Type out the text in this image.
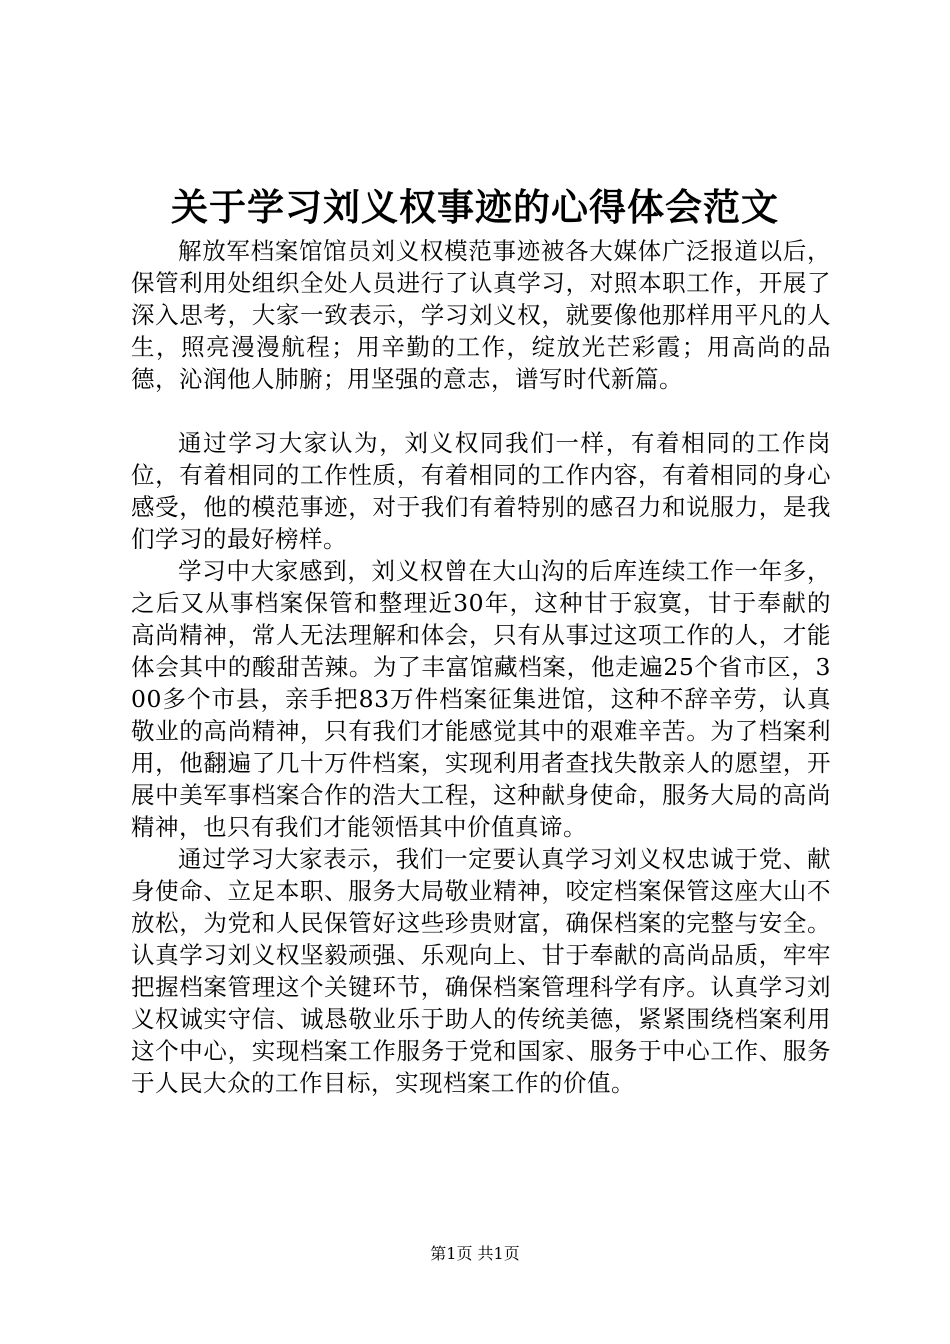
关于学习刘义权事迹的心得体会范文

解放军档案馆馆员刘义权模范事迹被各大媒体广泛报道以后，保管利用处组织全处人员进行了认真学习，对照本职工作，开展了深入思考，大家一致表示，学习刘义权，就要像他那样用平凡的人生，照亮漫漫航程；用辛勤的工作，绽放光芒彩霞；用高尚的品德，沁润他人肺腑；用坚强的意志，谱写时代新篇。

通过学习大家认为，刘义权同我们一样，有着相同的工作岗位，有着相同的工作性质，有着相同的工作内容，有着相同的身心感受，他的模范事迹，对于我们有着特别的感召力和说服力，是我们学习的最好榜样。

学习中大家感到，刘义权曾在大山沟的后库连续工作一年多，之后又从事档案保管和整理近30年，这种甘于寂寞，甘于奉献的高尚精神，常人无法理解和体会，只有从事过这项工作的人，才能体会其中的酸甜苦辣。为了丰富馆藏档案，他走遍25个省市区，300多个市县，亲手把83万件档案征集进馆，这种不辞辛劳，认真敬业的高尚精神，只有我们才能感觉其中的艰难辛苦。为了档案利用，他翻遍了几十万件档案，实现利用者查找失散亲人的愿望，开展中美军事档案合作的浩大工程，这种献身使命，服务大局的高尚精神，也只有我们才能领悟其中价值真谛。

通过学习大家表示，我们一定要认真学习刘义权忠诚于党、献身使命、立足本职、服务大局敬业精神，咬定档案保管这座大山不放松，为党和人民保管好这些珍贵财富，确保档案的完整与安全。认真学习刘义权坚毅顽强、乐观向上、甘于奉献的高尚品质，牢牢把握档案管理这个关键环节，确保档案管理科学有序。认真学习刘义权诚实守信、诚恳敬业乐于助人的传统美德，紧紧围绕档案利用这个中心，实现档案工作服务于党和国家、服务于中心工作、服务于人民大众的工作目标，实现档案工作的价值。

第1页 共1页
